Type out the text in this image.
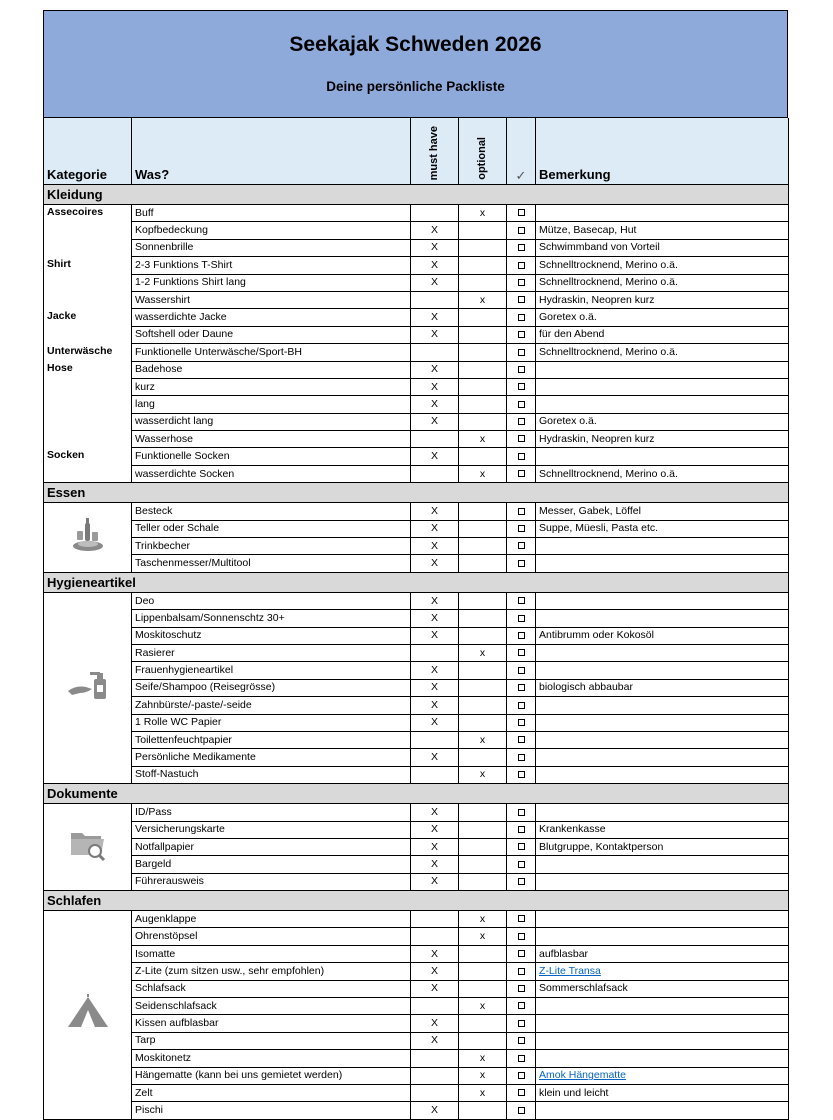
Seekajak Schweden 2026
Deine persönliche Packliste
Kategorie	Was?	must have	optional	✓	Bemerkung
Kleidung					
Assecoires	Buff		x		
	Kopfbedeckung	X			Mütze, Basecap, Hut
	Sonnenbrille	X			Schwimmband von Vorteil
Shirt	2-3 Funktions T-Shirt	X			Schnelltrocknend, Merino o.ä.
	1-2 Funktions Shirt lang	X			Schnelltrocknend, Merino o.ä.
	Wassershirt		x		Hydraskin, Neopren kurz
Jacke	wasserdichte Jacke	X			Goretex o.ä.
	Softshell oder Daune	X			für den Abend
Unterwäsche	Funktionelle Unterwäsche/Sport-BH				Schnelltrocknend, Merino o.ä.
Hose	Badehose	X			
	kurz	X			
	lang	X			
	wasserdicht lang	X			Goretex o.ä.
	Wasserhose		x		Hydraskin, Neopren kurz
Socken	Funktionelle Socken	X			
	wasserdichte Socken		x		Schnelltrocknend, Merino o.ä.
Essen					
	Besteck	X			Messer, Gabek, Löffel
	Teller oder Schale	X			Suppe, Müesli, Pasta etc.
	Trinkbecher	X			
	Taschenmesser/Multitool	X			
Hygieneartikel					
	Deo	X			
	Lippenbalsam/Sonnenschtz 30+	X			
	Moskitoschutz	X			Antibrumm oder Kokosöl
	Rasierer		x		
	Frauenhygieneartikel	X			
	Seife/Shampoo (Reisegrösse)	X			biologisch abbaubar
	Zahnbürste/-paste/-seide	X			
	1 Rolle WC Papier	X			
	Toilettenfeuchtpapier		x		
	Persönliche Medikamente	X			
	Stoff-Nastuch		x		
Dokumente					
	ID/Pass	X			
	Versicherungskarte	X			Krankenkasse
	Notfallpapier	X			Blutgruppe, Kontaktperson
	Bargeld	X			
	Führerausweis	X			
Schlafen					
	Augenklappe		x		
	Ohrenstöpsel		x		
	Isomatte	X			aufblasbar
	Z-Lite (zum sitzen usw., sehr empfohlen)	X			Z-Lite Transa
	Schlafsack	X			Sommerschlafsack
	Seidenschlafsack		x		
	Kissen aufblasbar	X			
	Tarp	X			
	Moskitonetz		x		
	Hängematte (kann bei uns gemietet werden)		x		Amok Hängematte
	Zelt		x		klein und leicht
	Pischi	X			
